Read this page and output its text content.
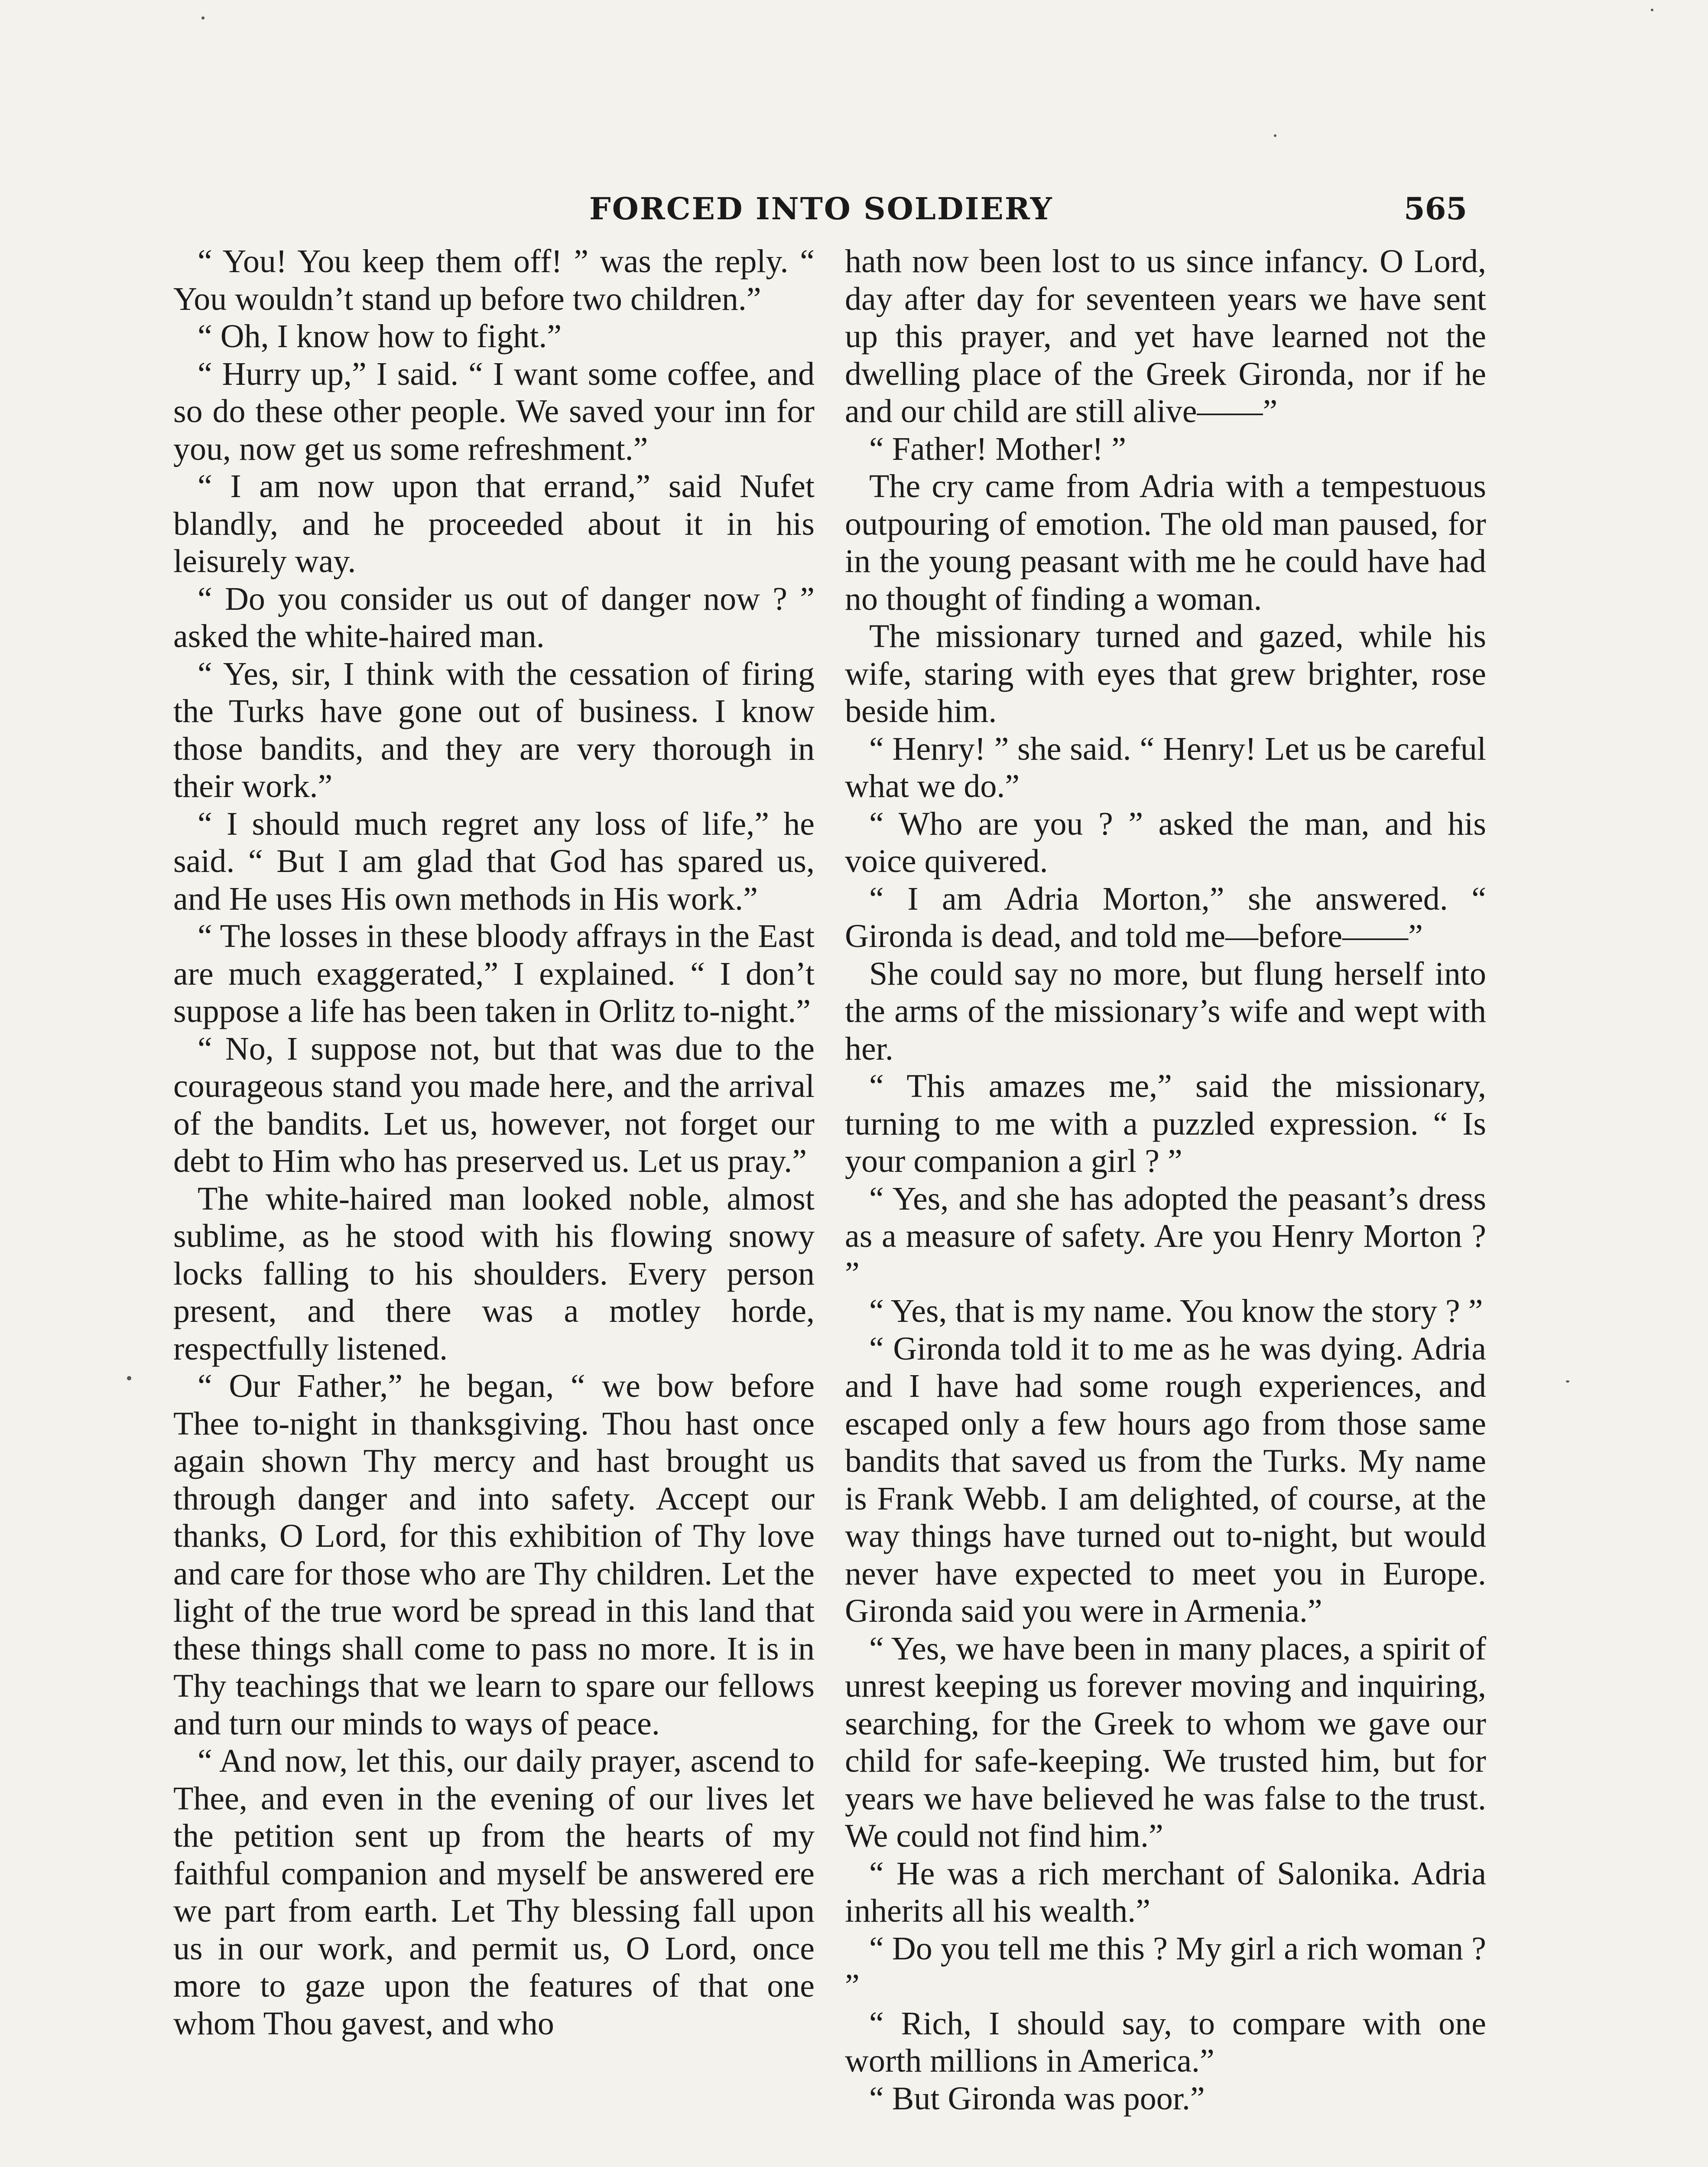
FORCED INTO SOLDIERY	565

“ You! You keep them off! ” was the reply. “ You wouldn’t stand up before two children.”

“ Oh, I know how to fight.”

“ Hurry up,” I said. “ I want some coffee, and so do these other people. We saved your inn for you, now get us some refreshment.”

“ I am now upon that errand,” said Nufet blandly, and he proceeded about it in his leisurely way.

“ Do you consider us out of danger now ? ” asked the white-haired man.

“ Yes, sir, I think with the cessation of firing the Turks have gone out of business. I know those bandits, and they are very thorough in their work.”

“ I should much regret any loss of life,” he said. “ But I am glad that God has spared us, and He uses His own methods in His work.”

“ The losses in these bloody affrays in the East are much exaggerated,” I explained. “ I don’t suppose a life has been taken in Orlitz to-night.”

“ No, I suppose not, but that was due to the courageous stand you made here, and the arrival of the bandits. Let us, however, not forget our debt to Him who has preserved us. Let us pray.”

The white-haired man looked noble, almost sublime, as he stood with his flowing snowy locks falling to his shoulders. Every person present, and there was a motley horde, respectfully listened.

“ Our Father,” he began, “ we bow before Thee to-night in thanksgiving. Thou hast once again shown Thy mercy and hast brought us through danger and into safety. Accept our thanks, O Lord, for this exhibition of Thy love and care for those who are Thy children. Let the light of the true word be spread in this land that these things shall come to pass no more. It is in Thy teachings that we learn to spare our fellows and turn our minds to ways of peace.

“ And now, let this, our daily prayer, ascend to Thee, and even in the evening of our lives let the petition sent up from the hearts of my faithful companion and myself be answered ere we part from earth. Let Thy blessing fall upon us in our work, and permit us, O Lord, once more to gaze upon the features of that one whom Thou gavest, and who

hath now been lost to us since infancy. O Lord, day after day for seventeen years we have sent up this prayer, and yet have learned not the dwelling place of the Greek Gironda, nor if he and our child are still alive——”

“ Father! Mother! ”

The cry came from Adria with a tempestuous outpouring of emotion. The old man paused, for in the young peasant with me he could have had no thought of finding a woman.

The missionary turned and gazed, while his wife, staring with eyes that grew brighter, rose beside him.

“ Henry! ” she said. “ Henry! Let us be careful what we do.”

“ Who are you ? ” asked the man, and his voice quivered.

“ I am Adria Morton,” she answered. “ Gironda is dead, and told me—before——”

She could say no more, but flung herself into the arms of the missionary’s wife and wept with her.

“ This amazes me,” said the missionary, turning to me with a puzzled expression. “ Is your companion a girl ? ”

“ Yes, and she has adopted the peasant’s dress as a measure of safety. Are you Henry Morton ? ”

“ Yes, that is my name. You know the story ? ”

“ Gironda told it to me as he was dying. Adria and I have had some rough experiences, and escaped only a few hours ago from those same bandits that saved us from the Turks. My name is Frank Webb. I am delighted, of course, at the way things have turned out to-night, but would never have expected to meet you in Europe. Gironda said you were in Armenia.”

“ Yes, we have been in many places, a spirit of unrest keeping us forever moving and inquiring, searching, for the Greek to whom we gave our child for safe-keeping. We trusted him, but for years we have believed he was false to the trust. We could not find him.”

“ He was a rich merchant of Salonika. Adria inherits all his wealth.”

“ Do you tell me this ? My girl a rich woman ? ”

“ Rich, I should say, to compare with one worth millions in America.”

“ But Gironda was poor.”
